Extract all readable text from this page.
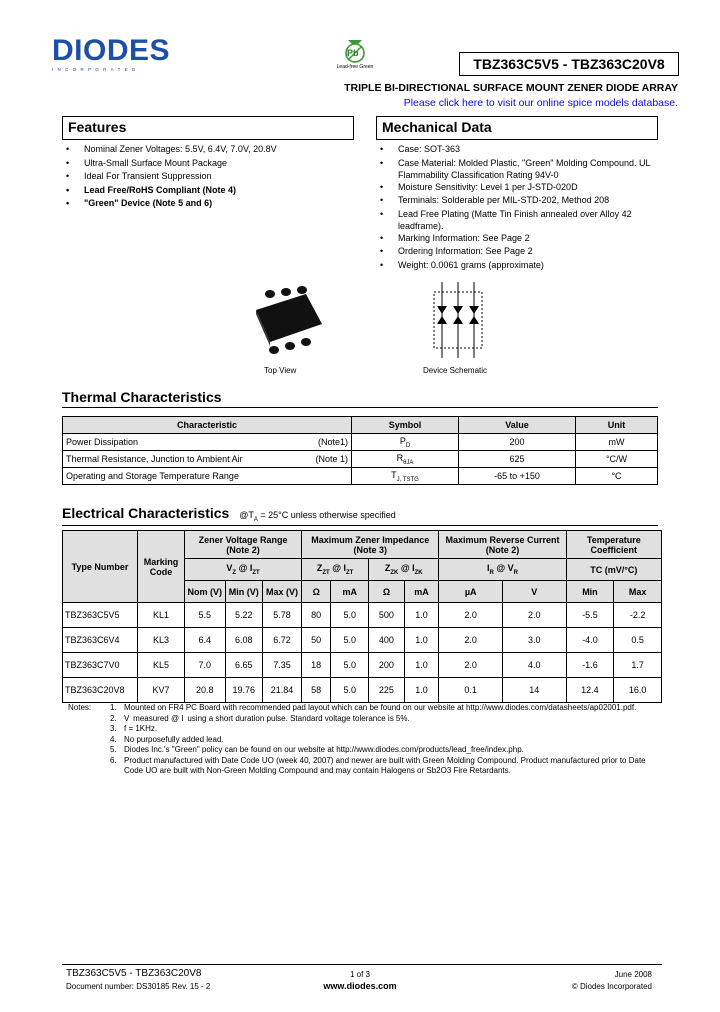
DIODES
INCORPORATED
Pb
Lead-free Green	TBZ363C5V5 - TBZ363C20V8
TRIPLE BI-DIRECTIONAL SURFACE MOUNT ZENER DIODE ARRAY
Please click here to visit our online spice models database.
Features
• Nominal Zener Voltages: 5.5V, 6.4V, 7.0V, 20.8V
• Ultra-Small Surface Mount Package
• Ideal For Transient Suppression
• Lead Free/RoHS Compliant (Note 4)
• "Green" Device (Note 5 and 6)
Mechanical Data
• Case: SOT-363
• Case Material: Molded Plastic, "Green" Molding Compound. UL Flammability Classification Rating 94V-0
• Moisture Sensitivity: Level 1 per J-STD-020D
• Terminals: Solderable per MIL-STD-202, Method 208
• Lead Free Plating (Matte Tin Finish annealed over Alloy 42 leadframe).
• Marking Information: See Page 2
• Ordering Information: See Page 2
• Weight: 0.0061 grams (approximate)
Top View	Device Schematic
Thermal Characteristics
Characteristic	Symbol	Value	Unit
Power Dissipation (Note1)	$P_D$	200	mW
Thermal Resistance, Junction to Ambient Air (Note 1)	$R_{\theta JA}$	625	°C/W
Operating and Storage Temperature Range	$T_{J, TSTG}$	-65 to +150	°C
Electrical Characteristics $@T_A = 25^\circ C$ unless otherwise specified
Type Number	Marking Code	Zener Voltage Range (Note 2)			Maximum Zener Impedance (Note 3)				Maximum Reverse Current (Note 2)		Temperature Coefficient	
		$V_Z$ @ $I_{ZT}$			$Z_{ZT}$ @ $I_{ZT}$		$Z_{ZK}$ @ $I_{ZK}$		$I_R$ @ $V_R$		TC (mV/°C)	
		Nom (V)	Min (V)	Max (V)	Ω	mA	Ω	mA	µA	V	Min	Max
TBZ363C5V5	KL1	5.5	5.22	5.78	80	5.0	500	1.0	2.0	2.0	-5.5	-2.2
TBZ363C6V4	KL3	6.4	6.08	6.72	50	5.0	400	1.0	2.0	3.0	-4.0	0.5
TBZ363C7V0	KL5	7.0	6.65	7.35	18	5.0	200	1.0	2.0	4.0	-1.6	1.7
TBZ363C20V8	KV7	20.8	19.76	21.84	58	5.0	225	1.0	0.1	14	12.4	16.0
Notes:	1.	Mounted on FR4 PC Board with recommended pad layout which can be found on our website at http://www.diodes.com/datasheets/ap02001.pdf.
	2.	V  measured @ I  using a short duration pulse. Standard voltage tolerance is 5%.
	3.	f = 1KHz.
	4.	No purposefully added lead.
	5.	Diodes Inc.'s "Green" policy can be found on our website at http://www.diodes.com/products/lead_free/index.php.
	6.	Product manufactured with Date Code UO (week 40, 2007) and newer are built with Green Molding Compound. Product manufactured prior to Date Code UO are built with Non-Green Molding Compound and may contain Halogens or Sb2O3 Fire Retardants.
TBZ363C5V5 - TBZ363C20V8
Document number: DS30185 Rev. 15 - 2
1 of 3
www.diodes.com
June 2008
© Diodes Incorporated
